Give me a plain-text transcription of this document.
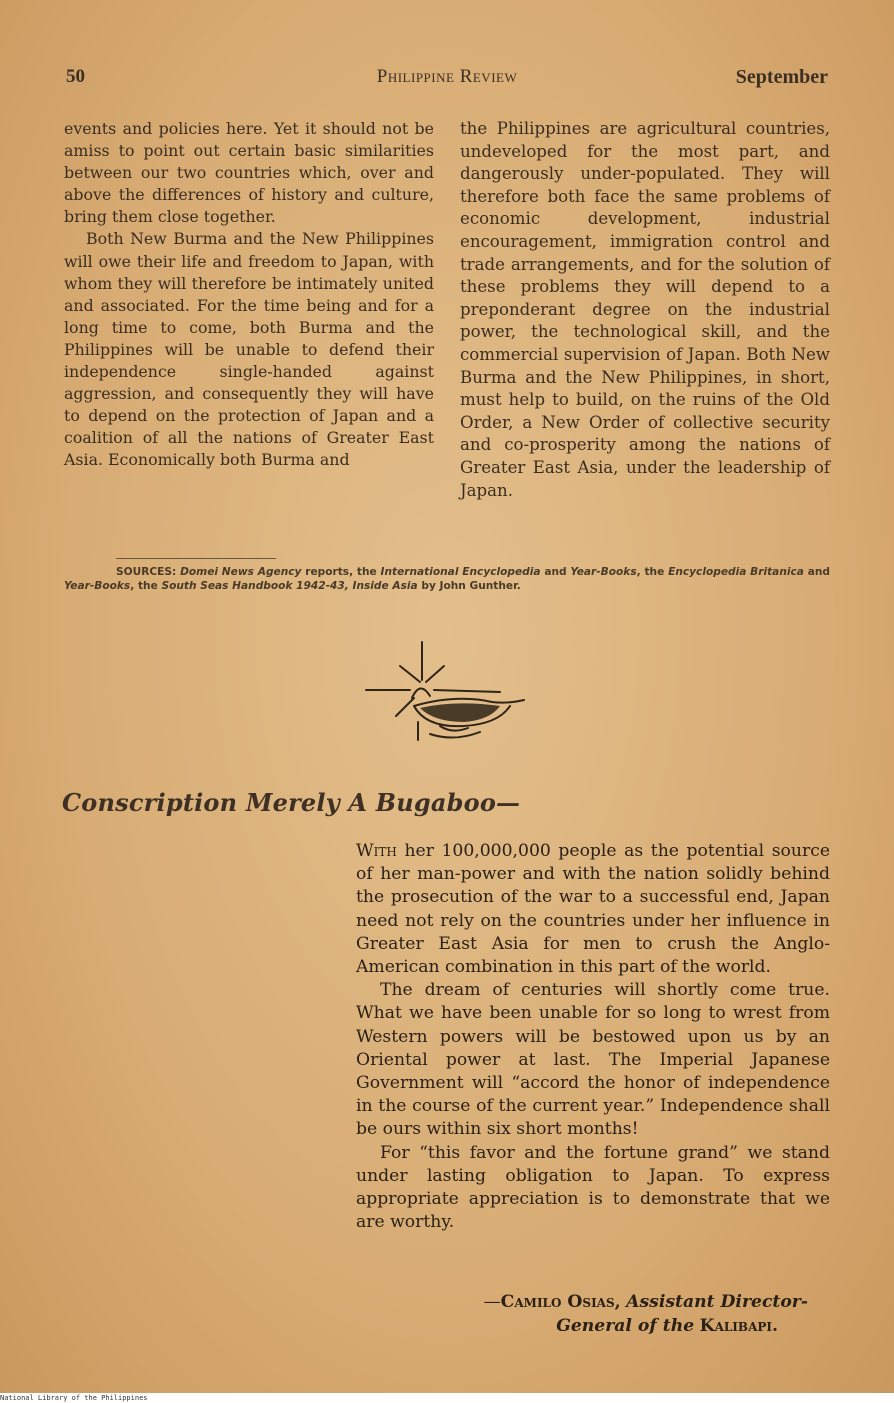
50	Philippine Review	September

events and policies here. Yet it should not be amiss to point out certain basic similarities between our two countries which, over and above the differences of history and culture, bring them close together.

Both New Burma and the New Philippines will owe their life and freedom to Japan, with whom they will therefore be intimately united and associated. For the time being and for a long time to come, both Burma and the Philippines will be unable to defend their independence single-handed against aggression, and consequently they will have to depend on the protection of Japan and a coalition of all the nations of Greater East Asia. Economically both Burma and

the Philippines are agricultural countries, undeveloped for the most part, and dangerously under-populated. They will therefore both face the same problems of economic development, industrial encouragement, immigration control and trade arrangements, and for the solution of these problems they will depend to a preponderant degree on the industrial power, the technological skill, and the commercial supervision of Japan. Both New Burma and the New Philippines, in short, must help to build, on the ruins of the Old Order, a New Order of collective security and co-prosperity among the nations of Greater East Asia, under the leadership of Japan.

SOURCES: Domei News Agency reports, the International Encyclopedia and Year-Books, the Encyclopedia Britanica and Year-Books, the South Seas Handbook 1942-43, Inside Asia by John Gunther.
Conscription Merely A Bugaboo—

With her 100,000,000 people as the potential source of her man-power and with the nation solidly behind the prosecution of the war to a successful end, Japan need not rely on the countries under her influence in Greater East Asia for men to crush the Anglo-American combination in this part of the world.

The dream of centuries will shortly come true. What we have been unable for so long to wrest from Western powers will be bestowed upon us by an Oriental power at last. The Imperial Japanese Government will “accord the honor of independence in the course of the current year.” Independence shall be ours within six short months!

For “this favor and the fortune grand” we stand under lasting obligation to Japan. To express appropriate appreciation is to demonstrate that we are worthy.

—Camilo Osias, Assistant Director-
General of the Kalibapi.
National Library of the Philippines
